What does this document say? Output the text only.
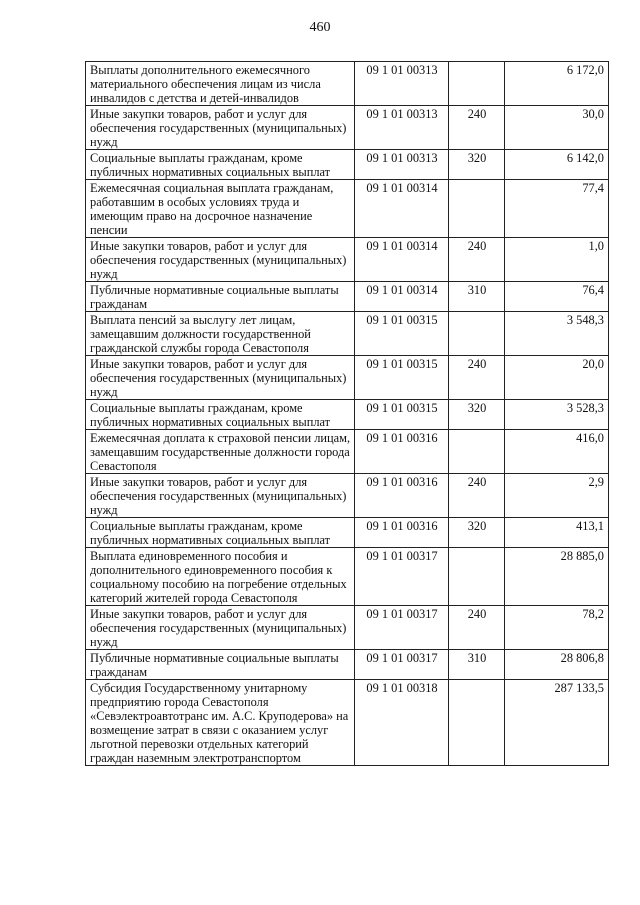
460
Выплаты дополнительного ежемесячного материального обеспечения лицам из числа инвалидов с детства и детей-инвалидов	09 1 01 00313		6 172,0
Иные закупки товаров, работ и услуг для обеспечения государственных (муниципальных) нужд	09 1 01 00313	240	30,0
Социальные выплаты гражданам, кроме публичных нормативных социальных выплат	09 1 01 00313	320	6 142,0
Ежемесячная социальная выплата гражданам, работавшим в особых условиях труда и имеющим право на досрочное назначение пенсии	09 1 01 00314		77,4
Иные закупки товаров, работ и услуг для обеспечения государственных (муниципальных) нужд	09 1 01 00314	240	1,0
Публичные нормативные социальные выплаты гражданам	09 1 01 00314	310	76,4
Выплата пенсий за выслугу лет лицам, замещавшим должности государственной гражданской службы города Севастополя	09 1 01 00315		3 548,3
Иные закупки товаров, работ и услуг для обеспечения государственных (муниципальных) нужд	09 1 01 00315	240	20,0
Социальные выплаты гражданам, кроме публичных нормативных социальных выплат	09 1 01 00315	320	3 528,3
Ежемесячная доплата к страховой пенсии лицам, замещавшим государственные должности города Севастополя	09 1 01 00316		416,0
Иные закупки товаров, работ и услуг для обеспечения государственных (муниципальных) нужд	09 1 01 00316	240	2,9
Социальные выплаты гражданам, кроме публичных нормативных социальных выплат	09 1 01 00316	320	413,1
Выплата единовременного пособия и дополнительного единовременного пособия к социальному пособию на погребение отдельных категорий жителей города Севастополя	09 1 01 00317		28 885,0
Иные закупки товаров, работ и услуг для обеспечения государственных (муниципальных) нужд	09 1 01 00317	240	78,2
Публичные нормативные социальные выплаты гражданам	09 1 01 00317	310	28 806,8
Субсидия Государственному унитарному предприятию города Севастополя «Севэлектроавтотранс им. А.С. Круподерова» на возмещение затрат в связи с оказанием услуг льготной перевозки отдельных категорий граждан наземным электротранспортом	09 1 01 00318		287 133,5
